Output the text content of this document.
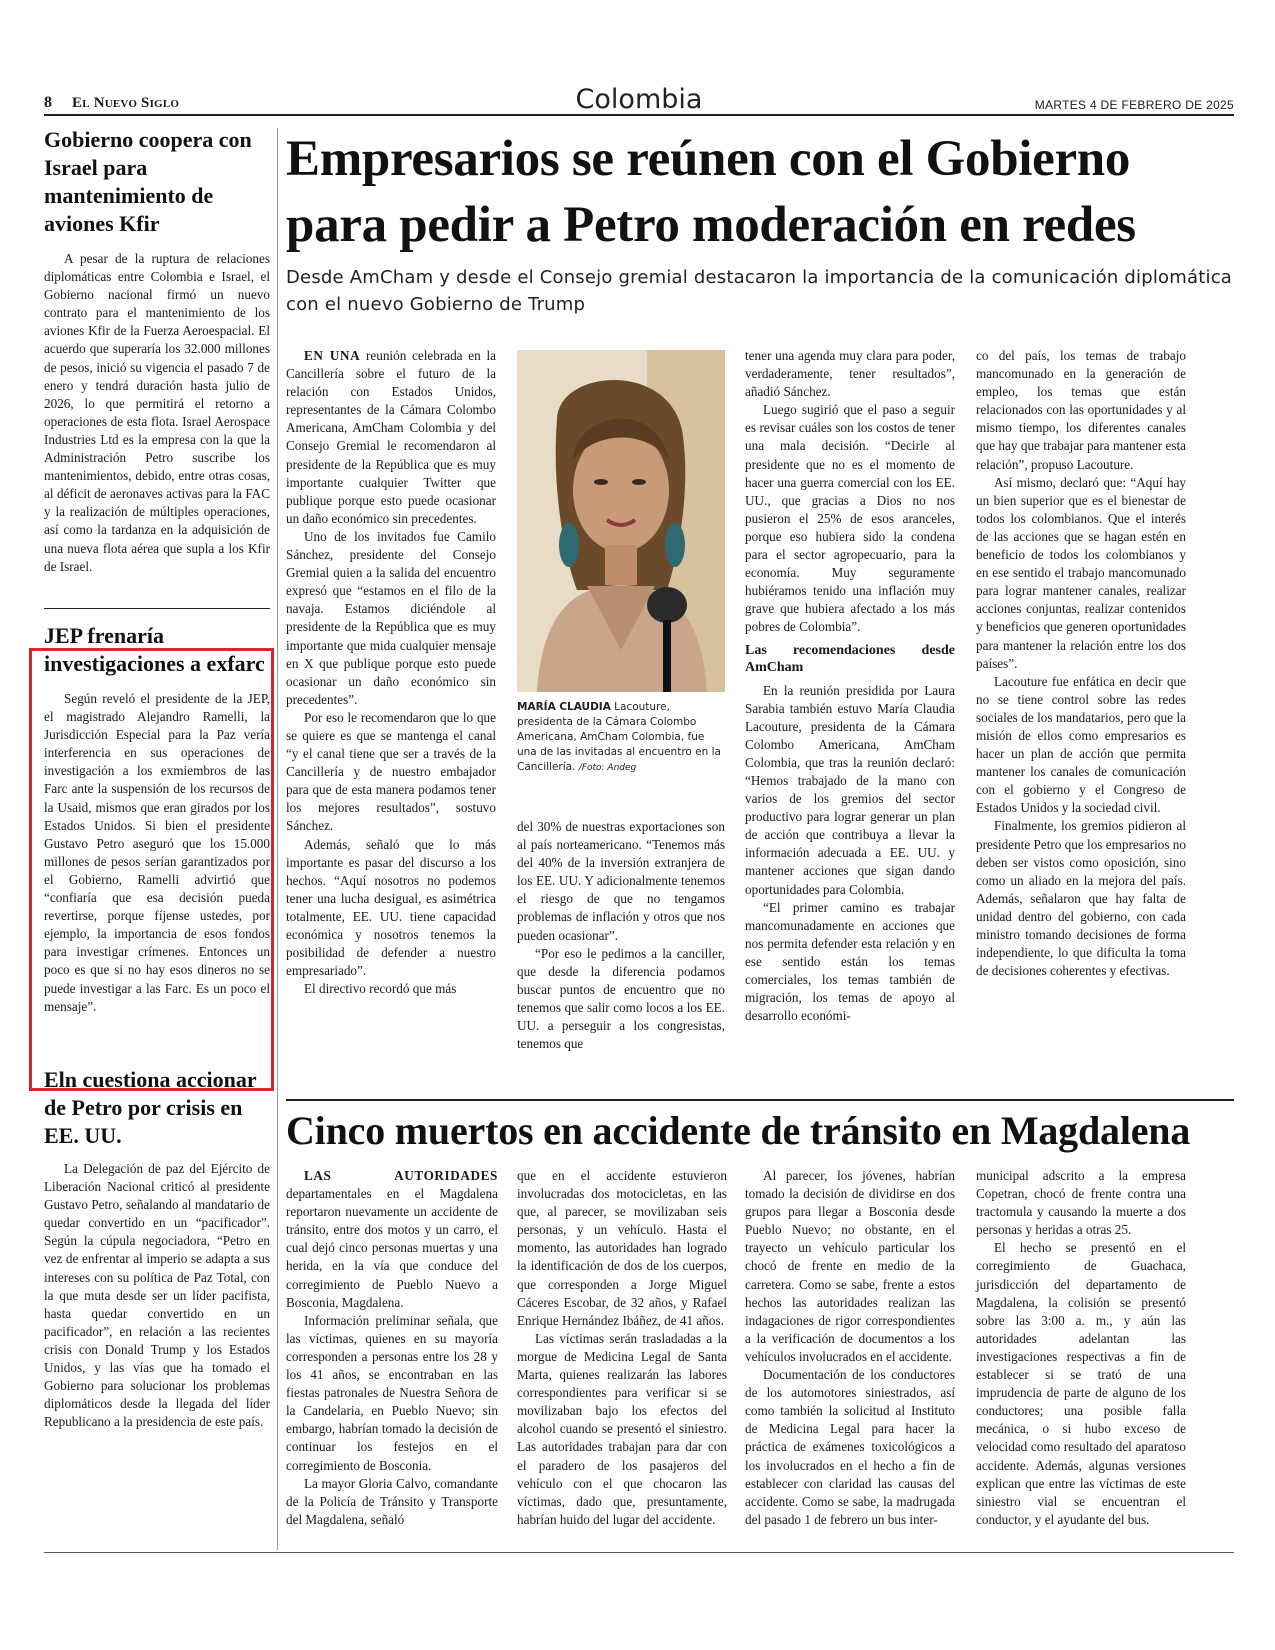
8 El Nuevo Siglo	Colombia	MARTES 4 DE FEBRERO DE 2025
Gobierno coopera con Israel para mantenimiento de aviones Kfir
A pesar de la ruptura de relaciones diplomáticas entre Colombia e Israel, el Gobierno nacional firmó un nuevo contrato para el mantenimiento de los aviones Kfir de la Fuerza Aeroespacial. El acuerdo que superaría los 32.000 millones de pesos, inició su vigencia el pasado 7 de enero y tendrá duración hasta julio de 2026, lo que permitirá el retorno a operaciones de esta flota. Israel Aerospace Industries Ltd es la empresa con la que la Administración Petro suscribe los mantenimientos, debido, entre otras cosas, al déficit de aeronaves activas para la FAC y la realización de múltiples operaciones, así como la tardanza en la adquisición de una nueva flota aérea que supla a los Kfir de Israel.
JEP frenaría investigaciones a exfarc
Según reveló el presidente de la JEP, el magistrado Alejandro Ramelli, la Jurisdicción Especial para la Paz vería interferencia en sus operaciones de investigación a los exmiembros de las Farc ante la suspensión de los recursos de la Usaid, mismos que eran girados por los Estados Unidos. Si bien el presidente Gustavo Petro aseguró que los 15.000 millones de pesos serían garantizados por el Gobierno, Ramelli advirtió que “confiaría que esa decisión pueda revertirse, porque fíjense ustedes, por ejemplo, la importancia de esos fondos para investigar crímenes. Entonces un poco es que si no hay esos dineros no se puede investigar a las Farc. Es un poco el mensaje”.
Eln cuestiona accionar de Petro por crisis en EE. UU.
La Delegación de paz del Ejército de Liberación Nacional criticó al presidente Gustavo Petro, señalando al mandatario de quedar convertido en un “pacificador”. Según la cúpula negociadora, “Petro en vez de enfrentar al imperio se adapta a sus intereses con su política de Paz Total, con la que muta desde ser un líder pacifista, hasta quedar convertido en un pacificador”, en relación a las recientes crisis con Donald Trump y los Estados Unidos, y las vías que ha tomado el Gobierno para solucionar los problemas diplomáticos desde la llegada del líder Republicano a la presidencia de este país.
Empresarios se reúnen con el Gobierno para pedir a Petro moderación en redes
Desde AmCham y desde el Consejo gremial destacaron la importancia de la comunicación diplomática con el nuevo Gobierno de Trump

EN UNA reunión celebrada en la Cancillería sobre el futuro de la relación con Estados Unidos, representantes de la Cámara Colombo Americana, AmCham Colombia y del Consejo Gremial le recomendaron al presidente de la República que es muy importante cualquier Twitter que publique porque esto puede ocasionar un daño económico sin precedentes.

Uno de los invitados fue Camilo Sánchez, presidente del Consejo Gremial quien a la salida del encuentro expresó que “estamos en el filo de la navaja. Estamos diciéndole al presidente de la República que es muy importante que mida cualquier mensaje en X que publique porque esto puede ocasionar un daño económico sin precedentes”.

Por eso le recomendaron que lo que se quiere es que se mantenga el canal “y el canal tiene que ser a través de la Cancillería y de nuestro embajador para que de esta manera podamos tener los mejores resultados”, sostuvo Sánchez.

Además, señaló que lo más importante es pasar del discurso a los hechos. “Aquí nosotros no podemos tener una lucha desigual, es asimétrica totalmente, EE. UU. tiene capacidad económica y nosotros tenemos la posibilidad de defender a nuestro empresariado”.

El directivo recordó que más

MARÍA CLAUDIA Lacouture, presidenta de la Cámara Colombo Americana, AmCham Colombia, fue una de las invitadas al encuentro en la Cancillería. /Foto: Andeg

del 30% de nuestras exportaciones son al país norteamericano. “Tenemos más del 40% de la inversión extranjera de los EE. UU. Y adicionalmente tenemos el riesgo de que no tengamos problemas de inflación y otros que nos pueden ocasionar”.

“Por eso le pedimos a la canciller, que desde la diferencia podamos buscar puntos de encuentro que no tenemos que salir como locos a los EE. UU. a perseguir a los congresistas, tenemos que

tener una agenda muy clara para poder, verdaderamente, tener resultados”, añadió Sánchez.

Luego sugirió que el paso a seguir es revisar cuáles son los costos de tener una mala decisión. “Decirle al presidente que no es el momento de hacer una guerra comercial con los EE. UU., que gracias a Dios no nos pusieron el 25% de esos aranceles, porque eso hubiera sido la condena para el sector agropecuario, para la economía. Muy seguramente hubiéramos tenido una inflación muy grave que hubiera afectado a los más pobres de Colombia”.

Las recomendaciones desde AmCham

En la reunión presidida por Laura Sarabia también estuvo María Claudia Lacouture, presidenta de la Cámara Colombo Americana, AmCham Colombia, que tras la reunión declaró: “Hemos trabajado de la mano con varios de los gremios del sector productivo para lograr generar un plan de acción que contribuya a llevar la información adecuada a EE. UU. y mantener acciones que sigan dando oportunidades para Colombia.

“El primer camino es trabajar mancomunadamente en acciones que nos permita defender esta relación y en ese sentido están los temas comerciales, los temas también de migración, los temas de apoyo al desarrollo económi-

co del país, los temas de trabajo mancomunado en la generación de empleo, los temas que están relacionados con las oportunidades y al mismo tiempo, los diferentes canales que hay que trabajar para mantener esta relación”, propuso Lacouture.

Así mismo, declaró que: “Aquí hay un bien superior que es el bienestar de todos los colombianos. Que el interés de las acciones que se hagan estén en beneficio de todos los colombianos y en ese sentido el trabajo mancomunado para lograr mantener canales, realizar acciones conjuntas, realizar contenidos y beneficios que generen oportunidades para mantener la relación entre los dos países”.

Lacouture fue enfática en decir que no se tiene control sobre las redes sociales de los mandatarios, pero que la misión de ellos como empresarios es hacer un plan de acción que permita mantener los canales de comunicación con el gobierno y el Congreso de Estados Unidos y la sociedad civil.

Finalmente, los gremios pidieron al presidente Petro que los empresarios no deben ser vistos como oposición, sino como un aliado en la mejora del país. Además, señalaron que hay falta de unidad dentro del gobierno, con cada ministro tomando decisiones de forma independiente, lo que dificulta la toma de decisiones coherentes y efectivas.

Cinco muertos en accidente de tránsito en Magdalena

LAS AUTORIDADES departamentales en el Magdalena reportaron nuevamente un accidente de tránsito, entre dos motos y un carro, el cual dejó cinco personas muertas y una herida, en la vía que conduce del corregimiento de Pueblo Nuevo a Bosconia, Magdalena.

Información preliminar señala, que las víctimas, quienes en su mayoría corresponden a personas entre los 28 y los 41 años, se encontraban en las fiestas patronales de Nuestra Señora de la Candelaria, en Pueblo Nuevo; sin embargo, habrían tomado la decisión de continuar los festejos en el corregimiento de Bosconia.

La mayor Gloria Calvo, comandante de la Policía de Tránsito y Transporte del Magdalena, señaló

que en el accidente estuvieron involucradas dos motocicletas, en las que, al parecer, se movilizaban seis personas, y un vehículo. Hasta el momento, las autoridades han logrado la identificación de dos de los cuerpos, que corresponden a Jorge Miguel Cáceres Escobar, de 32 años, y Rafael Enrique Hernández Ibáñez, de 41 años.

Las víctimas serán trasladadas a la morgue de Medicina Legal de Santa Marta, quienes realizarán las labores correspondientes para verificar si se movilizaban bajo los efectos del alcohol cuando se presentó el siniestro. Las autoridades trabajan para dar con el paradero de los pasajeros del vehículo con el que chocaron las víctimas, dado que, presuntamente, habrían huido del lugar del accidente.

Al parecer, los jóvenes, habrían tomado la decisión de dividirse en dos grupos para llegar a Bosconia desde Pueblo Nuevo; no obstante, en el trayecto un vehículo particular los chocó de frente en medio de la carretera. Como se sabe, frente a estos hechos las autoridades realizan las indagaciones de rigor correspondientes a la verificación de documentos a los vehículos involucrados en el accidente.

Documentación de los conductores de los automotores siniestrados, así como también la solicitud al Instituto de Medicina Legal para hacer la práctica de exámenes toxicológicos a los involucrados en el hecho a fin de establecer con claridad las causas del accidente. Como se sabe, la madrugada del pasado 1 de febrero un bus inter-

municipal adscrito a la empresa Copetran, chocó de frente contra una tractomula y causando la muerte a dos personas y heridas a otras 25.

El hecho se presentó en el corregimiento de Guachaca, jurisdicción del departamento de Magdalena, la colisión se presentó sobre las 3:00 a. m., y aún las autoridades adelantan las investigaciones respectivas a fin de establecer si se trató de una imprudencia de parte de alguno de los conductores; una posible falla mecánica, o si hubo exceso de velocidad como resultado del aparatoso accidente. Además, algunas versiones explican que entre las víctimas de este siniestro vial se encuentran el conductor, y el ayudante del bus.
